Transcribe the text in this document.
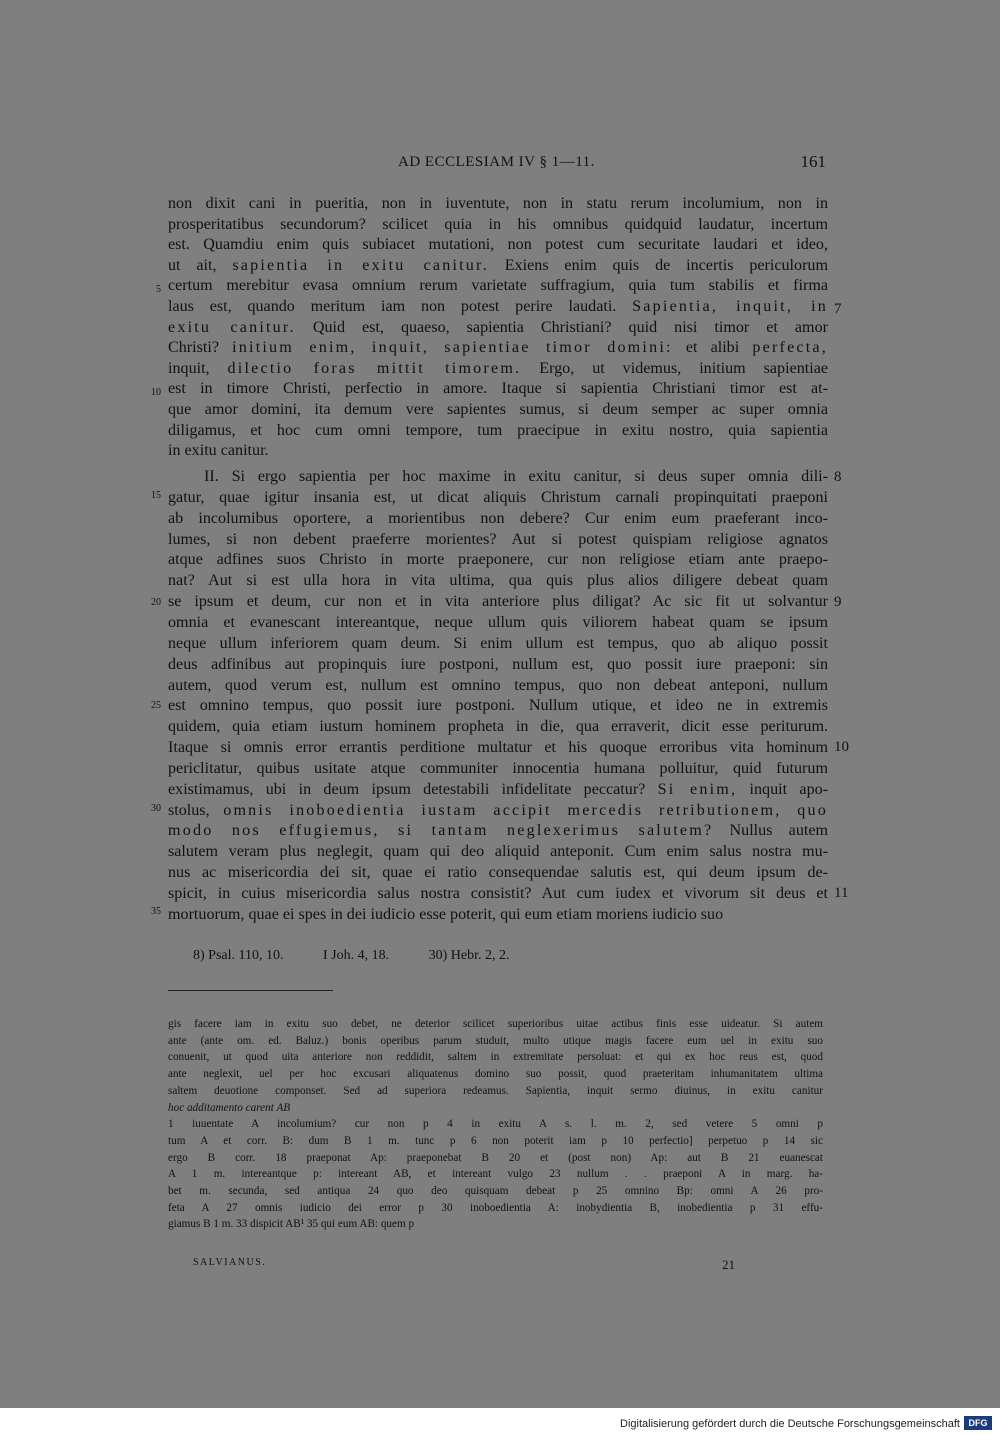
AD ECCLESIAM IV § 1—11.	161
non dixit cani in pueritia, non in iuventute, non in statu rerum incolumium, non in
prosperitatibus secundorum? scilicet quia in his omnibus quidquid laudatur, incertum
est. Quamdiu enim quis subiacet mutationi, non potest cum securitate laudari et ideo,
ut ait, sapientia in exitu canitur. Exiens enim quis de incertis periculorum
certum merebitur evasa omnium rerum varietate suffragium, quia tum stabilis et firma
laus est, quando meritum iam non potest perire laudati. Sapientia, inquit, in
exitu canitur. Quid est, quaeso, sapientia Christiani? quid nisi timor et amor
Christi? initium enim, inquit, sapientiae timor domini: et alibi perfecta,
inquit, dilectio foras mittit timorem. Ergo, ut videmus, initium sapientiae
est in timore Christi, perfectio in amore. Itaque si sapientia Christiani timor est at-
que amor domini, ita demum vere sapientes sumus, si deum semper ac super omnia
diligamus, et hoc cum omni tempore, tum praecipue in exitu nostro, quia sapientia
in exitu canitur.
II. Si ergo sapientia per hoc maxime in exitu canitur, si deus super omnia dili-
gatur, quae igitur insania est, ut dicat aliquis Christum carnali propinquitati praeponi
ab incolumibus oportere, a morientibus non debere? Cur enim eum praeferant inco-
lumes, si non debent praeferre morientes? Aut si potest quispiam religiose agnatos
atque adfines suos Christo in morte praeponere, cur non religiose etiam ante praepo-
nat? Aut si est ulla hora in vita ultima, qua quis plus alios diligere debeat quam
se ipsum et deum, cur non et in vita anteriore plus diligat? Ac sic fit ut solvantur
omnia et evanescant intereantque, neque ullum quis viliorem habeat quam se ipsum
neque ullum inferiorem quam deum. Si enim ullum est tempus, quo ab aliquo possit
deus adfinibus aut propinquis iure postponi, nullum est, quo possit iure praeponi: sin
autem, quod verum est, nullum est omnino tempus, quo non debeat anteponi, nullum
est omnino tempus, quo possit iure postponi. Nullum utique, et ideo ne in extremis
quidem, quia etiam iustum hominem propheta in die, qua erraverit, dicit esse periturum.
Itaque si omnis error errantis perditione multatur et his quoque erroribus vita hominum
periclitatur, quibus usitate atque communiter innocentia humana polluitur, quid futurum
existimamus, ubi in deum ipsum detestabili infidelitate peccatur? Si enim, inquit apo-
stolus, omnis inoboedientia iustam accipit mercedis retributionem, quo
modo nos effugiemus, si tantam neglexerimus salutem? Nullus autem
salutem veram plus neglegit, quam qui deo aliquid anteponit. Cum enim salus nostra mu-
nus ac misericordia dei sit, quae ei ratio consequendae salutis est, qui deum ipsum de-
spicit, in cuius misericordia salus nostra consistit? Aut cum iudex et vivorum sit deus et
mortuorum, quae ei spes in dei iudicio esse poterit, qui eum etiam moriens iudicio suo
5
10
15
20
25
30
35
7
8
9
10
11
8) Psal. 110, 10.	I Joh. 4, 18.	30) Hebr. 2, 2.
gis facere iam in exitu suo debet, ne deterior scilicet superioribus uitae actibus finis esse uideatur. Si autem
ante (ante om. ed. Baluz.) bonis operibus parum studuit, multo utique magis facere eum uel in exitu suo
conuenit, ut quod uita anteriore non reddidit, saltem in extremitate persoluat: et qui ex hoc reus est, quod
ante neglexit, uel per hoc excusari aliquatenus domino suo possit, quod praeteritam inhumanitatem ultima
saltem deuotione componset. Sed ad superiora redeamus. Sapientia, inquit sermo diuinus, in exitu canitur
hoc additamento carent AB
1 iuuentate A incolumium? cur non p 4 in exitu A s. l. m. 2, sed vetere 5 omni p
tum A et corr. B: dum B 1 m. tunc p 6 non poterit iam p 10 perfectio] perpetuo p 14 sic
ergo B corr. 18 praeponat Ap: praeponebat B 20 et (post non) Ap: aut B 21 euanescat
A 1 m. intereantque p: intereant AB, et intereant vulgo 23 nullum . . praeponi A in marg. ha-
bet m. secunda, sed antiqua 24 quo deo quisquam debeat p 25 omnino Bp: omni A 26 pro-
feta A 27 omnis iudicio dei error p 30 inoboedientia A: inobydientia B, inobedientia p 31 effu-
giamus B 1 m. 33 dispicit AB¹ 35 qui eum AB: quem p
SALVIANUS.	21
Digitalisierung gefördert durch die Deutsche Forschungsgemeinschaft DFG
